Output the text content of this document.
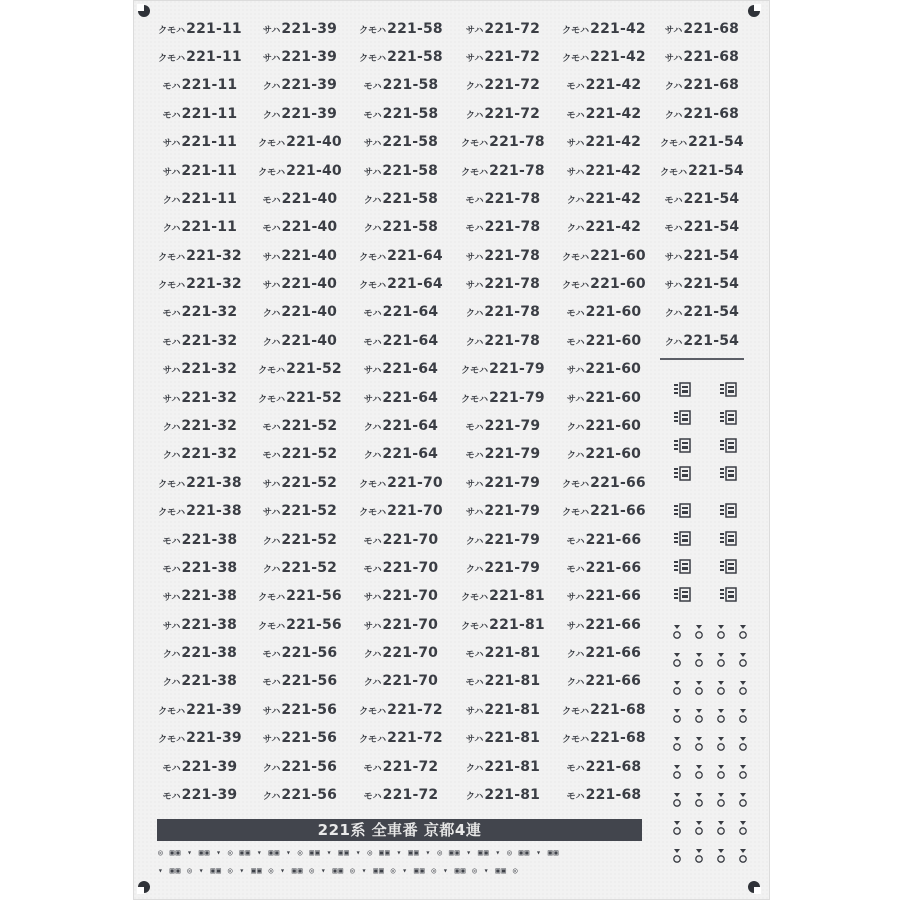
クモハ221-11
クモハ221-11
モハ221-11
モハ221-11
サハ221-11
サハ221-11
クハ221-11
クハ221-11
クモハ221-32
クモハ221-32
モハ221-32
モハ221-32
サハ221-32
サハ221-32
クハ221-32
クハ221-32
クモハ221-38
クモハ221-38
モハ221-38
モハ221-38
サハ221-38
サハ221-38
クハ221-38
クハ221-38
クモハ221-39
クモハ221-39
モハ221-39
モハ221-39
サハ221-39
サハ221-39
クハ221-39
クハ221-39
クモハ221-40
クモハ221-40
モハ221-40
モハ221-40
サハ221-40
サハ221-40
クハ221-40
クハ221-40
クモハ221-52
クモハ221-52
モハ221-52
モハ221-52
サハ221-52
サハ221-52
クハ221-52
クハ221-52
クモハ221-56
クモハ221-56
モハ221-56
モハ221-56
サハ221-56
サハ221-56
クハ221-56
クハ221-56
クモハ221-58
クモハ221-58
モハ221-58
モハ221-58
サハ221-58
サハ221-58
クハ221-58
クハ221-58
クモハ221-64
クモハ221-64
モハ221-64
モハ221-64
サハ221-64
サハ221-64
クハ221-64
クハ221-64
クモハ221-70
クモハ221-70
モハ221-70
モハ221-70
サハ221-70
サハ221-70
クハ221-70
クハ221-70
クモハ221-72
クモハ221-72
モハ221-72
モハ221-72
サハ221-72
サハ221-72
クハ221-72
クハ221-72
クモハ221-78
クモハ221-78
モハ221-78
モハ221-78
サハ221-78
サハ221-78
クハ221-78
クハ221-78
クモハ221-79
クモハ221-79
モハ221-79
モハ221-79
サハ221-79
サハ221-79
クハ221-79
クハ221-79
クモハ221-81
クモハ221-81
モハ221-81
モハ221-81
サハ221-81
サハ221-81
クハ221-81
クハ221-81
クモハ221-42
クモハ221-42
モハ221-42
モハ221-42
サハ221-42
サハ221-42
クハ221-42
クハ221-42
クモハ221-60
クモハ221-60
モハ221-60
モハ221-60
サハ221-60
サハ221-60
クハ221-60
クハ221-60
クモハ221-66
クモハ221-66
モハ221-66
モハ221-66
サハ221-66
サハ221-66
クハ221-66
クハ221-66
クモハ221-68
クモハ221-68
モハ221-68
モハ221-68
サハ221-68
サハ221-68
クハ221-68
クハ221-68
クモハ221-54
クモハ221-54
モハ221-54
モハ221-54
サハ221-54
サハ221-54
クハ221-54
クハ221-54
221系 全車番 京都4連
◎ ▣▣ ▾ ▣▣ ▾ ◎ ▣▣ ▾ ▣▣ ▾ ◎ ▣▣ ▾ ▣▣ ▾ ◎ ▣▣ ▾ ▣▣ ▾ ◎ ▣▣ ▾ ▣▣ ▾ ◎ ▣▣ ▾ ▣▣
▾ ▣▣ ◎ ▾ ▣▣ ◎ ▾ ▣▣ ◎ ▾ ▣▣ ◎ ▾ ▣▣ ◎ ▾ ▣▣ ◎ ▾ ▣▣ ◎ ▾ ▣▣ ◎ ▾ ▣▣ ◎
